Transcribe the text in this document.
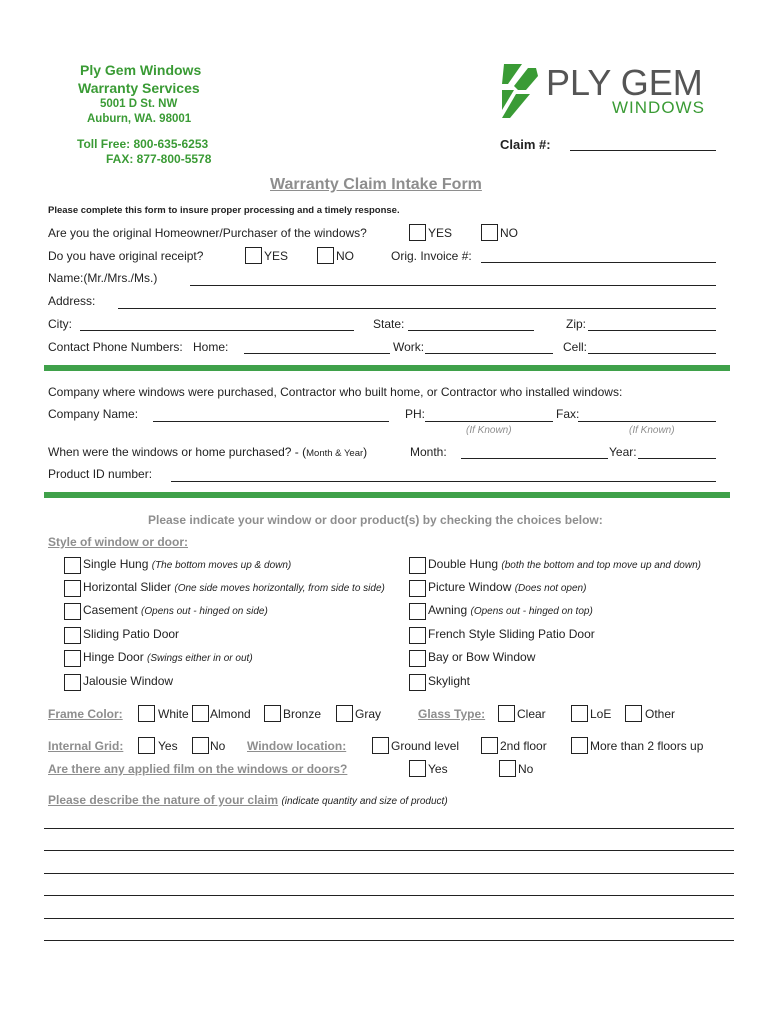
Ply Gem Windows
Warranty Services
5001 D St. NW
Auburn, WA. 98001
Toll Free: 800-635-6253
FAX: 877-800-5578
PLY GEM
WINDOWS
Claim #:
Warranty Claim Intake Form
Please complete this form to insure proper processing and a timely response.
Are you the original Homeowner/Purchaser of the windows?	YES	NO
Do you have original receipt?	YES	NO	Orig. Invoice #:
Name:(Mr./Mrs./Ms.)
Address:
City:	State:	Zip:
Contact Phone Numbers: Home:	Work:	Cell:
Company where windows were purchased, Contractor who built home, or Contractor who installed windows:
Company Name:	PH:	Fax:
(If Known)	(If Known)
When were the windows or home purchased? - (Month & Year)	Month:	Year:
Product ID number:
Please indicate your window or door product(s) by checking the choices below:
Style of window or door:
Single Hung (The bottom moves up & down)
Horizontal Slider (One side moves horizontally, from side to side)
Casement (Opens out - hinged on side)
Sliding Patio Door
Hinge Door (Swings either in or out)
Jalousie Window
Double Hung (both the bottom and top move up and down)
Picture Window (Does not open)
Awning (Opens out - hinged on top)
French Style Sliding Patio Door
Bay or Bow Window
Skylight
Frame Color:	White Almond	Bronze	Gray	Glass Type:	Clear	LoE	Other
Internal Grid:	Yes	No Window location:	Ground level	2nd floor	More than 2 floors up
Are there any applied film on the windows or doors?	Yes	No
Please describe the nature of your claim (indicate quantity and size of product)
